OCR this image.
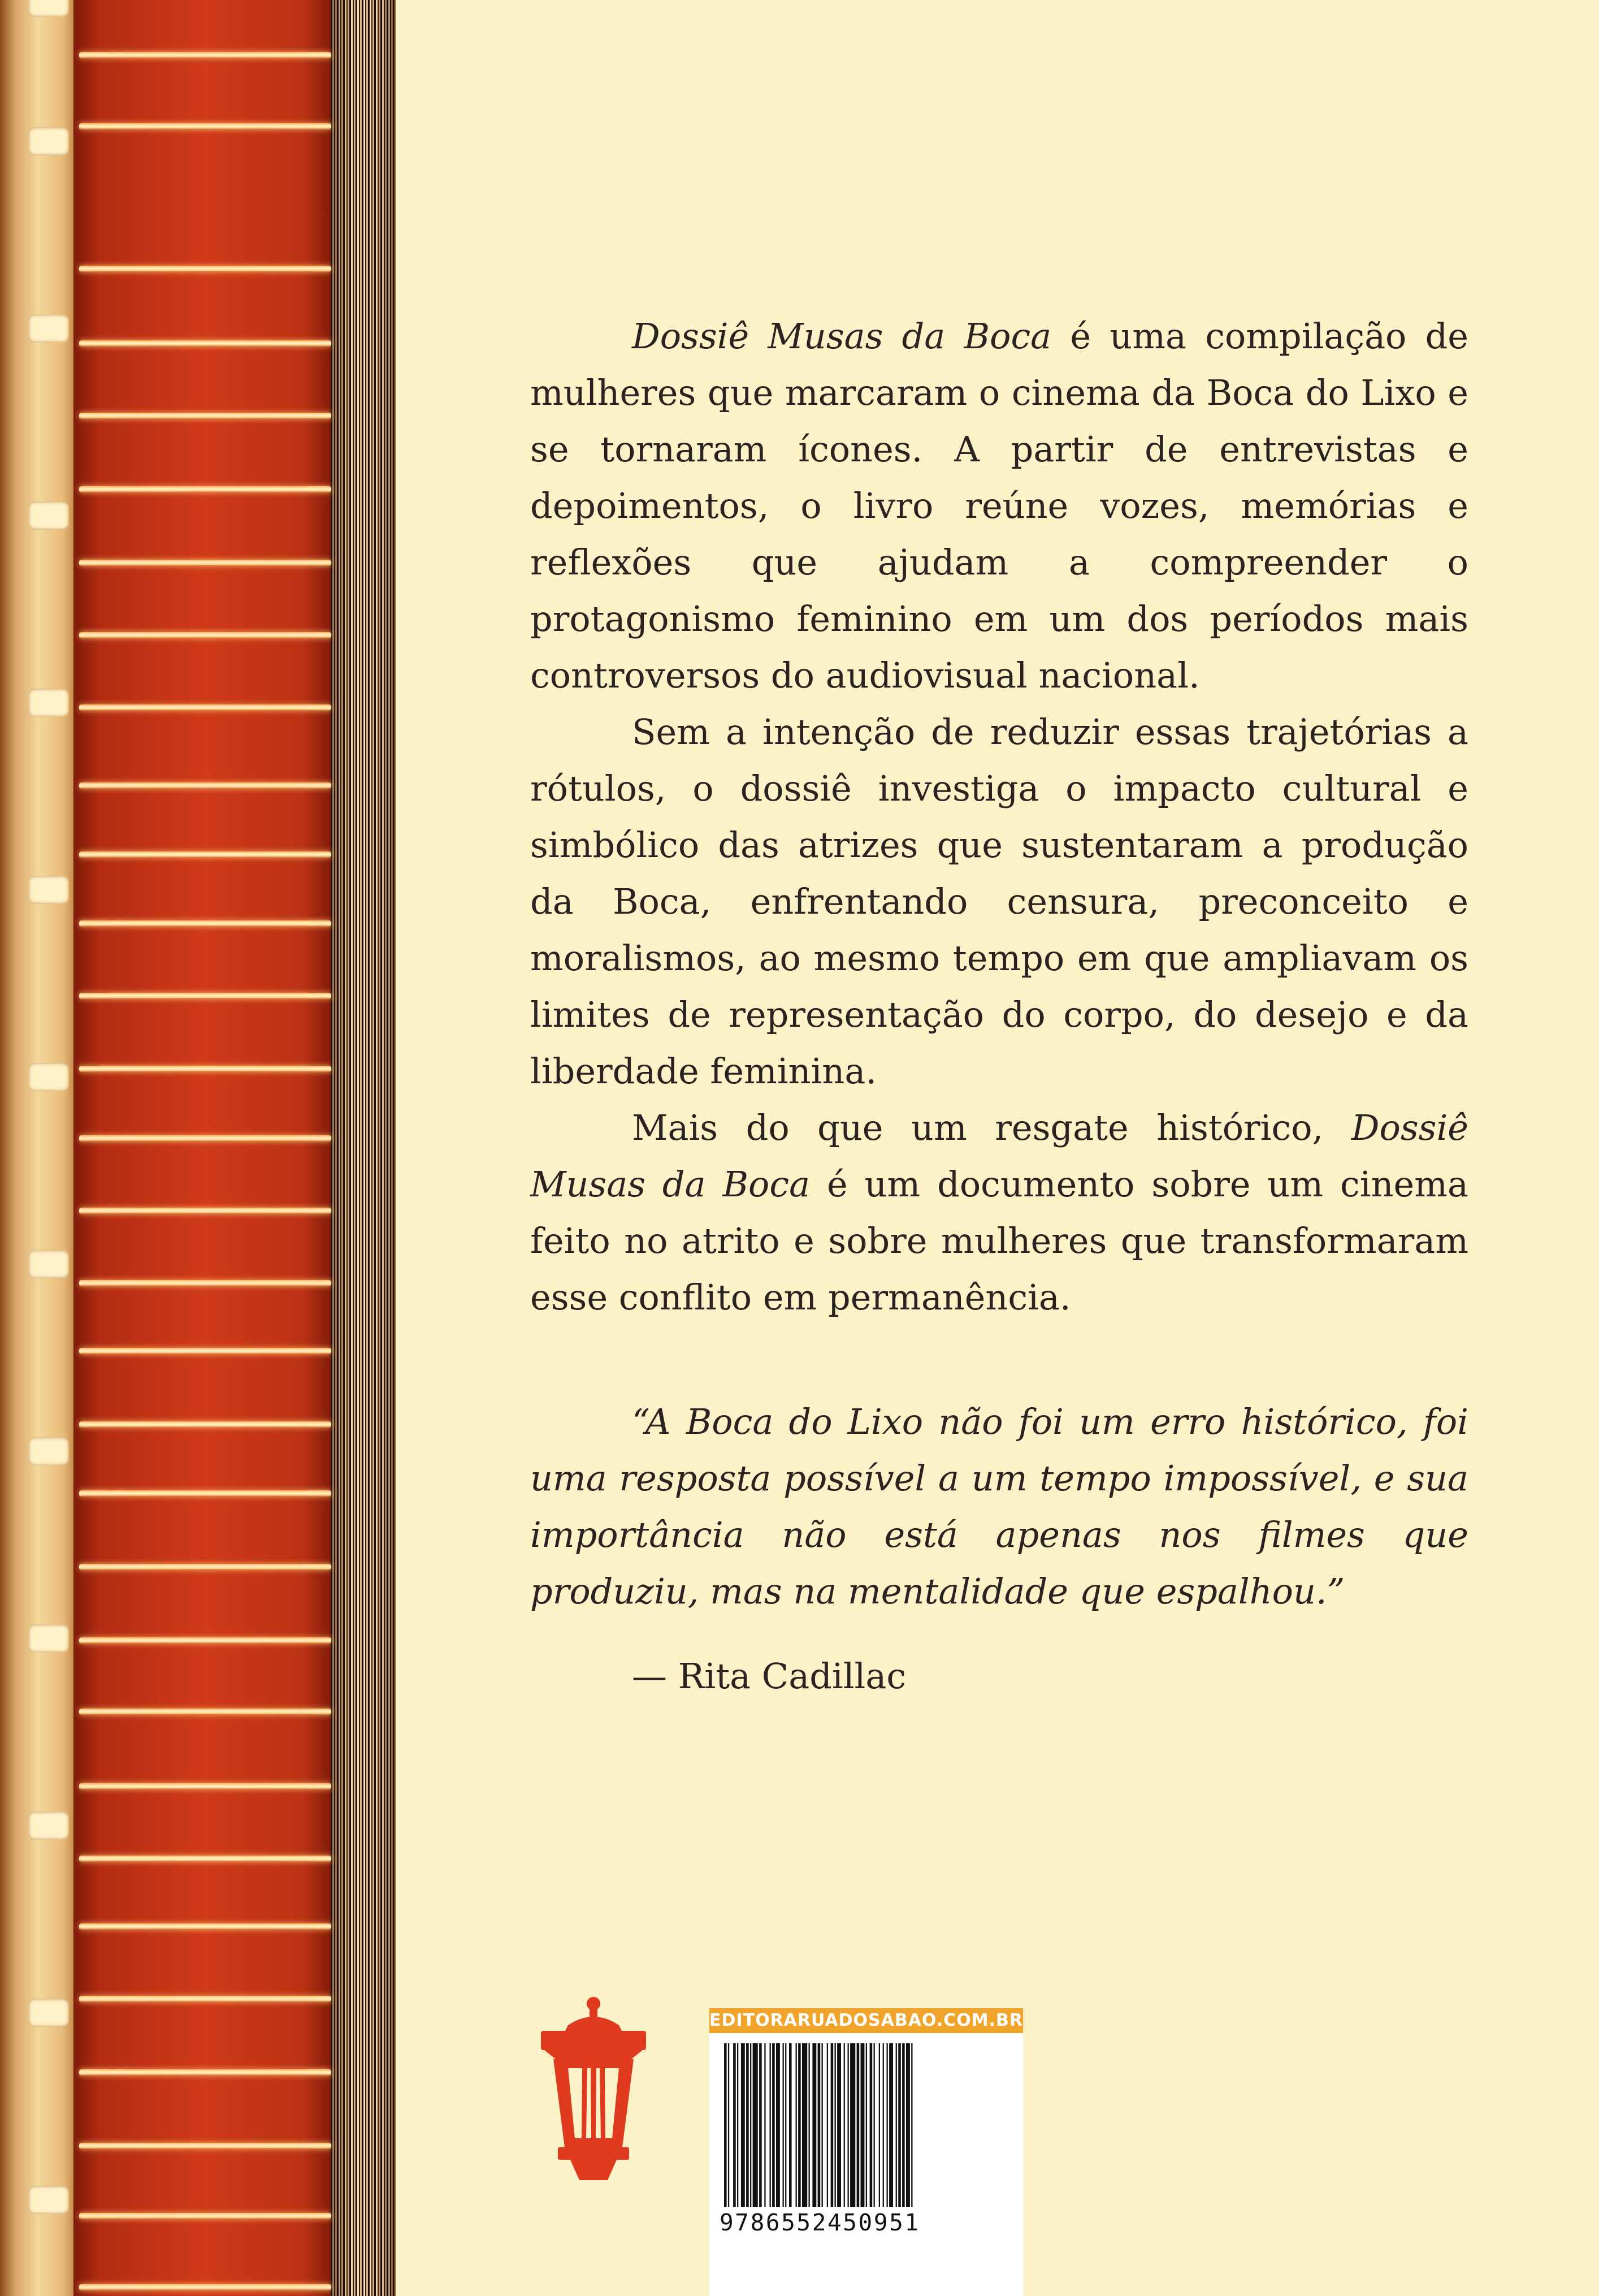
Dossiê Musas da Boca é uma compilação de mulheres que marcaram o cinema da Boca do Lixo e se tornaram ícones. A partir de entrevistas e depoimentos, o livro reúne vozes, memórias e reflexões que ajudam a compreender o protagonismo feminino em um dos períodos mais controversos do audiovisual nacional.

Sem a intenção de reduzir essas trajetórias a rótulos, o dossiê investiga o impacto cultural e simbólico das atrizes que sustentaram a produção da Boca, enfrentando censura, preconceito e moralismos, ao mesmo tempo em que ampliavam os limites de representação do corpo, do desejo e da liberdade feminina.

Mais do que um resgate histórico, Dossiê Musas da Boca é um documento sobre um cinema feito no atrito e sobre mulheres que transformaram esse conflito em permanência.

“A Boca do Lixo não foi um erro histórico, foi uma resposta possível a um tempo impossível, e sua importância não está apenas nos filmes que produziu, mas na mentalidade que espalhou.”
— Rita Cadillac
EDITORARUADOSABAO.COM.BR
9786552450951
